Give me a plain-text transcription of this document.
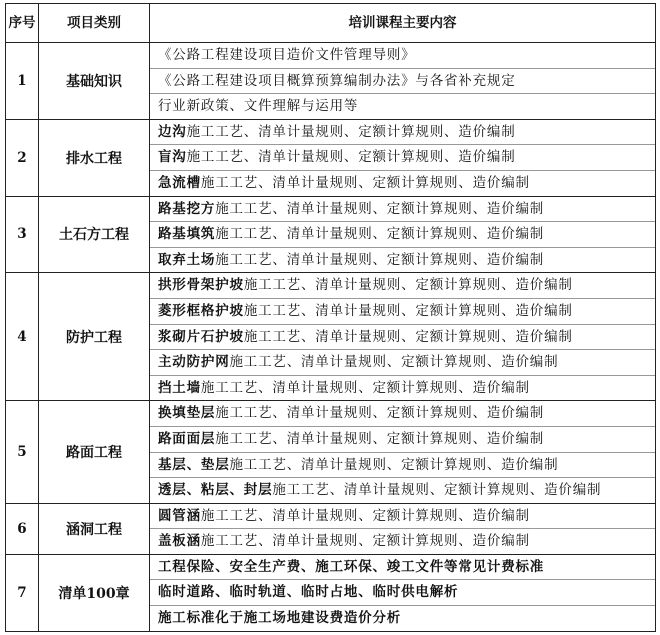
序号	项目类别	培训课程主要内容
1	基础知识	《公路工程建设项目造价文件管理导则》
《公路工程建设项目概算预算编制办法》与各省补充规定
行业新政策、文件理解与运用等

2	排水工程	边沟施工工艺、清单计量规则、定额计算规则、造价编制
盲沟施工工艺、清单计量规则、定额计算规则、造价编制
急流槽施工工艺、清单计量规则、定额计算规则、造价编制

3	土石方工程	路基挖方施工工艺、清单计量规则、定额计算规则、造价编制
路基填筑施工工艺、清单计量规则、定额计算规则、造价编制
取弃土场施工工艺、清单计量规则、定额计算规则、造价编制

4	防护工程	拱形骨架护坡施工工艺、清单计量规则、定额计算规则、造价编制
菱形框格护坡施工工艺、清单计量规则、定额计算规则、造价编制
浆砌片石护坡施工工艺、清单计量规则、定额计算规则、造价编制
主动防护网施工工艺、清单计量规则、定额计算规则、造价编制
挡土墙施工工艺、清单计量规则、定额计算规则、造价编制

5	路面工程	换填垫层施工工艺、清单计量规则、定额计算规则、造价编制
路面面层施工工艺、清单计量规则、定额计算规则、造价编制
基层、垫层施工工艺、清单计量规则、定额计算规则、造价编制
透层、粘层、封层施工工艺、清单计量规则、定额计算规则、造价编制

6	涵洞工程	圆管涵施工工艺、清单计量规则、定额计算规则、造价编制
盖板涵施工工艺、清单计量规则、定额计算规则、造价编制

7	清单100章	工程保险、安全生产费、施工环保、竣工文件等常见计费标准
临时道路、临时轨道、临时占地、临时供电解析
施工标准化于施工场地建设费造价分析
